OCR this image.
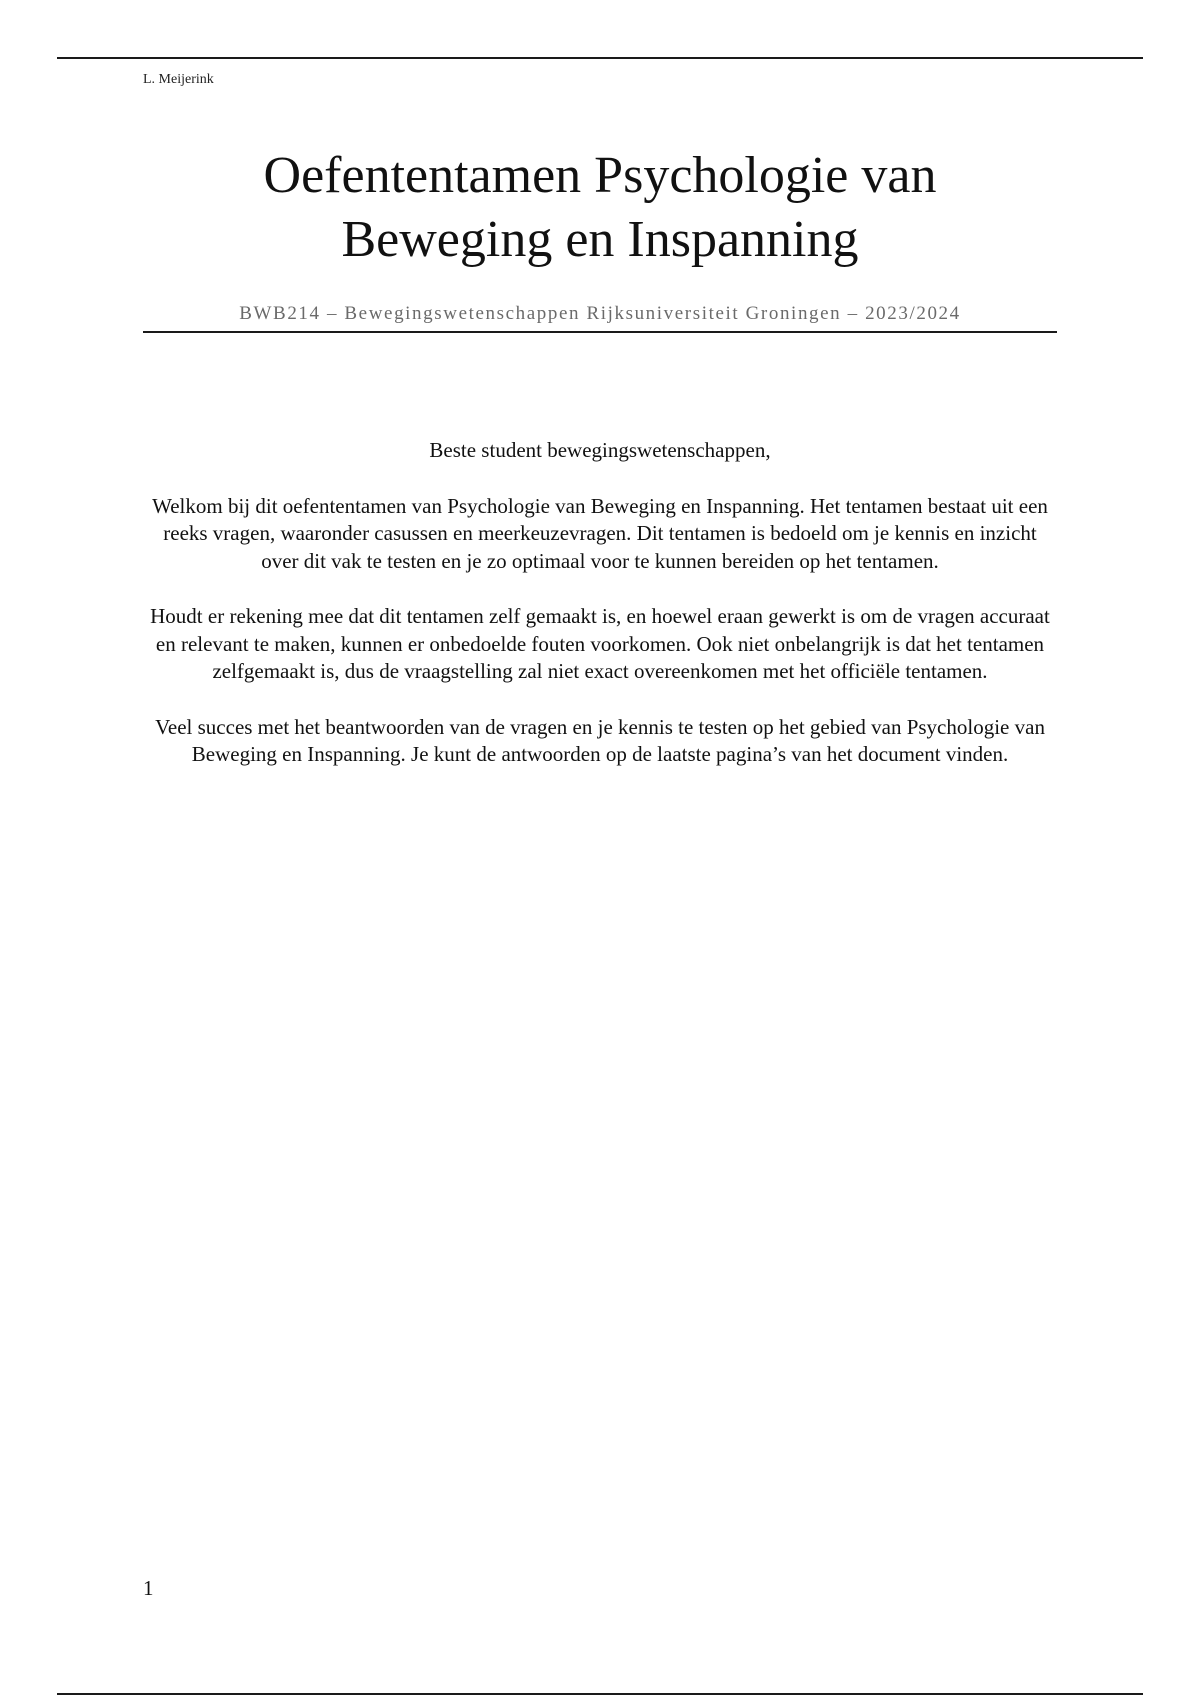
L. Meijerink
Oefententamen Psychologie van
Beweging en Inspanning
BWB214 – Bewegingswetenschappen Rijksuniversiteit Groningen – 2023/2024

Beste student bewegingswetenschappen,

Welkom bij dit oefententamen van Psychologie van Beweging en Inspanning. Het tentamen bestaat uit een reeks vragen, waaronder casussen en meerkeuzevragen. Dit tentamen is bedoeld om je kennis en inzicht over dit vak te testen en je zo optimaal voor te kunnen bereiden op het tentamen.

Houdt er rekening mee dat dit tentamen zelf gemaakt is, en hoewel eraan gewerkt is om de vragen accuraat en relevant te maken, kunnen er onbedoelde fouten voorkomen. Ook niet onbelangrijk is dat het tentamen zelfgemaakt is, dus de vraagstelling zal niet exact overeenkomen met het officiële tentamen.

Veel succes met het beantwoorden van de vragen en je kennis te testen op het gebied van Psychologie van Beweging en Inspanning. Je kunt de antwoorden op de laatste pagina’s van het document vinden.

1
